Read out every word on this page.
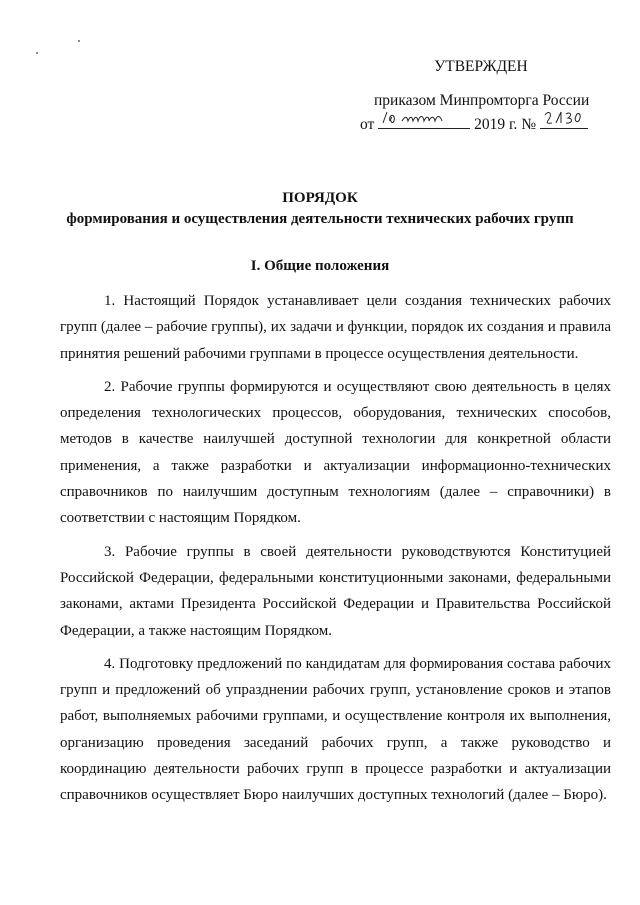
УТВЕРЖДЕН
приказом Минпромторга России
от	2019 г. №
ПОРЯДОК
формирования и осуществления деятельности технических рабочих групп
I. Общие положения

1. Настоящий Порядок устанавливает цели создания технических рабочих групп (далее – рабочие группы), их задачи и функции, порядок их создания и правила принятия решений рабочими группами в процессе осуществления деятельности.

2. Рабочие группы формируются и осуществляют свою деятельность в целях определения технологических процессов, оборудования, технических способов, методов в качестве наилучшей доступной технологии для конкретной области применения, а также разработки и актуализации информационно-технических справочников по наилучшим доступным технологиям (далее – справочники) в соответствии с настоящим Порядком.

3. Рабочие группы в своей деятельности руководствуются Конституцией Российской Федерации, федеральными конституционными законами, федеральными законами, актами Президента Российской Федерации и Правительства Российской Федерации, а также настоящим Порядком.

4. Подготовку предложений по кандидатам для формирования состава рабочих групп и предложений об упразднении рабочих групп, установление сроков и этапов работ, выполняемых рабочими группами, и осуществление контроля их выполнения, организацию проведения заседаний рабочих групп, а также руководство и координацию деятельности рабочих групп в процессе разработки и актуализации справочников осуществляет Бюро наилучших доступных технологий (далее – Бюро).
